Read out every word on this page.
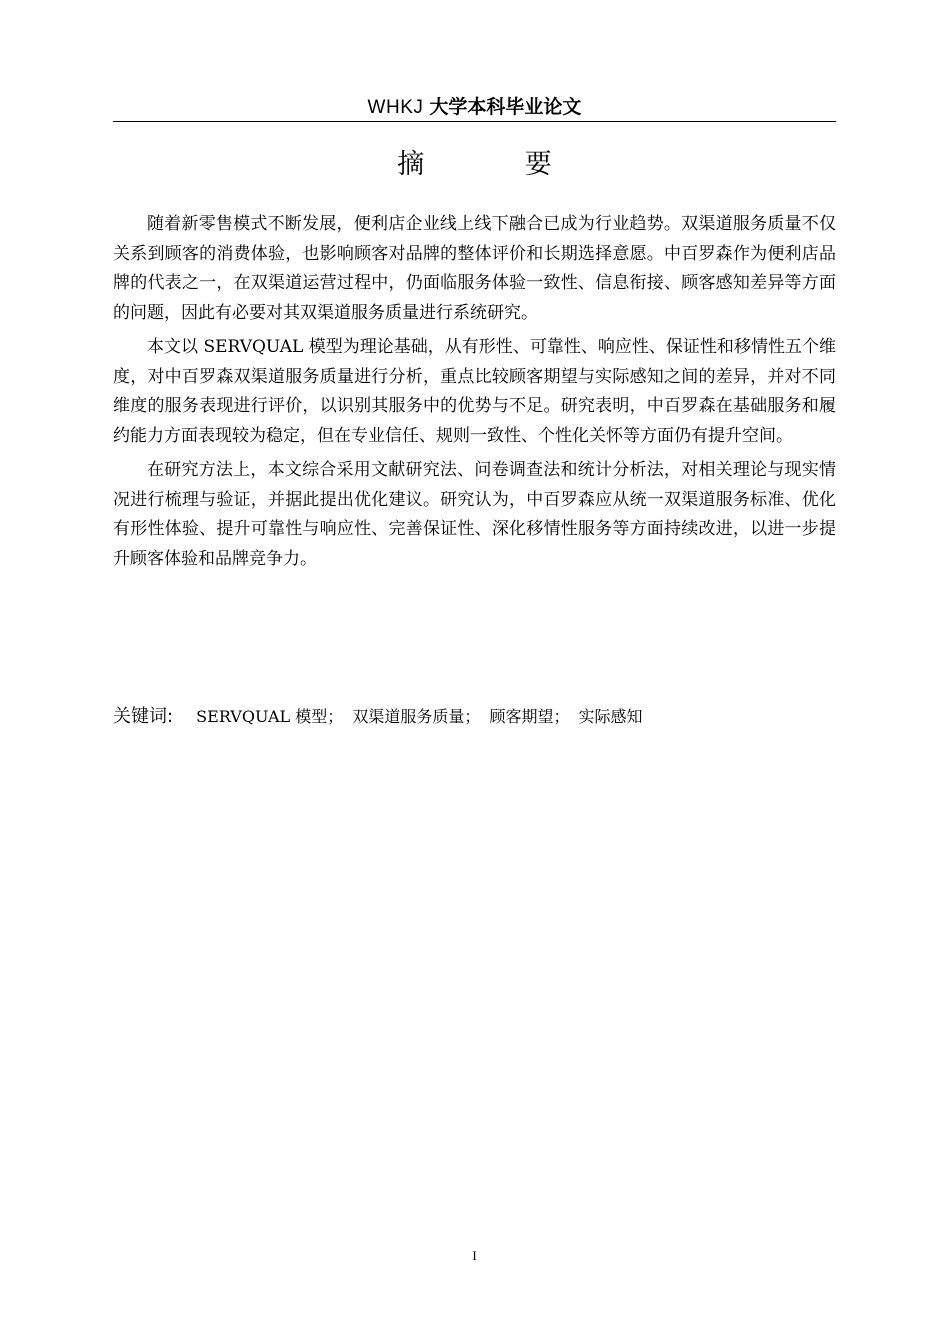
WHKJ 大学本科毕业论文
摘 要

随着新零售模式不断发展，便利店企业线上线下融合已成为行业趋势。双渠道服务质量不仅关系到顾客的消费体验，也影响顾客对品牌的整体评价和长期选择意愿。中百罗森作为便利店品牌的代表之一，在双渠道运营过程中，仍面临服务体验一致性、信息衔接、顾客感知差异等方面的问题，因此有必要对其双渠道服务质量进行系统研究。

本文以 SERVQUAL 模型为理论基础，从有形性、可靠性、响应性、保证性和移情性五个维度，对中百罗森双渠道服务质量进行分析，重点比较顾客期望与实际感知之间的差异，并对不同维度的服务表现进行评价，以识别其服务中的优势与不足。研究表明，中百罗森在基础服务和履约能力方面表现较为稳定，但在专业信任、规则一致性、个性化关怀等方面仍有提升空间。

在研究方法上，本文综合采用文献研究法、问卷调查法和统计分析法，对相关理论与现实情况进行梳理与验证，并据此提出优化建议。研究认为，中百罗森应从统一双渠道服务标准、优化有形性体验、提升可靠性与响应性、完善保证性、深化移情性服务等方面持续改进，以进一步提升顾客体验和品牌竞争力。

关键词: SERVQUAL 模型； 双渠道服务质量； 顾客期望； 实际感知
I
